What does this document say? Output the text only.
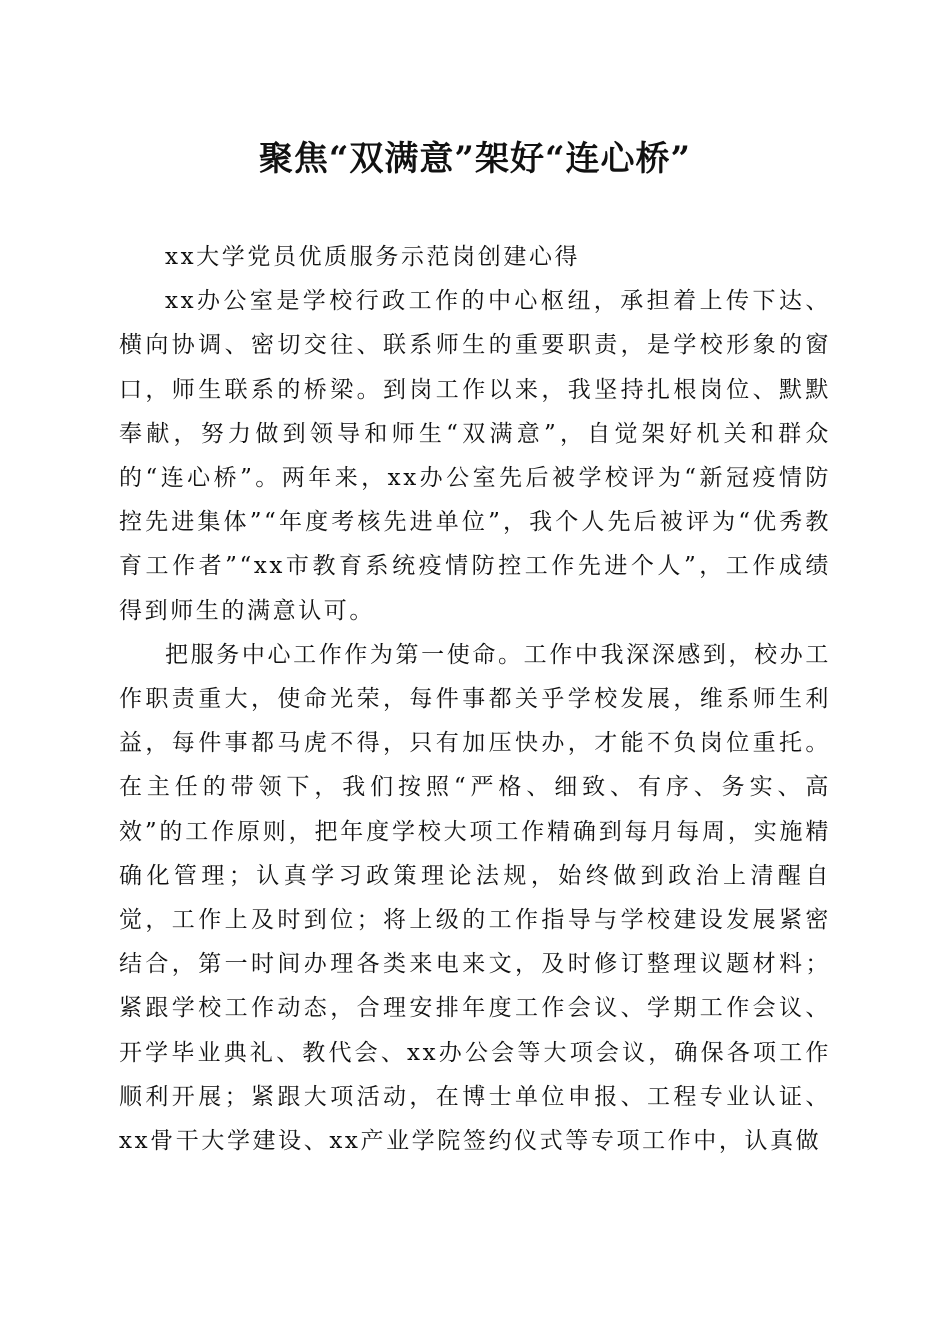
聚焦“双满意”架好“连心桥”

xx大学党员优质服务示范岗创建心得

xx办公室是学校行政工作的中心枢纽，承担着上传下达、横向协调、密切交往、联系师生的重要职责，是学校形象的窗口，师生联系的桥梁。到岗工作以来，我坚持扎根岗位、默默奉献，努力做到领导和师生“双满意”，自觉架好机关和群众的“连心桥”。两年来，xx办公室先后被学校评为“新冠疫情防控先进集体”“年度考核先进单位”，我个人先后被评为“优秀教育工作者”“xx市教育系统疫情防控工作先进个人”，工作成绩得到师生的满意认可。

把服务中心工作作为第一使命。工作中我深深感到，校办工作职责重大，使命光荣，每件事都关乎学校发展，维系师生利益，每件事都马虎不得，只有加压快办，才能不负岗位重托。在主任的带领下，我们按照“严格、细致、有序、务实、高效”的工作原则，把年度学校大项工作精确到每月每周，实施精确化管理；认真学习政策理论法规，始终做到政治上清醒自觉，工作上及时到位；将上级的工作指导与学校建设发展紧密结合，第一时间办理各类来电来文，及时修订整理议题材料；紧跟学校工作动态，合理安排年度工作会议、学期工作会议、开学毕业典礼、教代会、xx办公会等大项会议，确保各项工作顺利开展；紧跟大项活动，在博士单位申报、工程专业认证、xx骨干大学建设、xx产业学院签约仪式等专项工作中，认真做
